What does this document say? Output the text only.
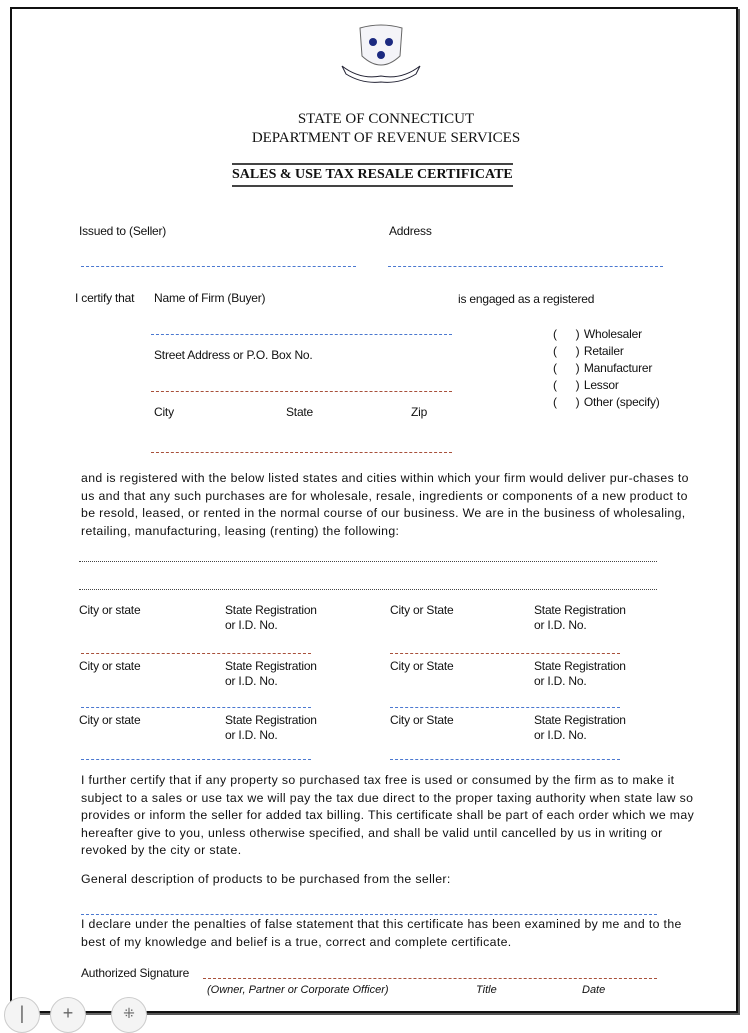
STATE OF CONNECTICUT
DEPARTMENT OF REVENUE SERVICES
SALES & USE TAX RESALE CERTIFICATE
Issued to (Seller)	Address
I certify that Name of Firm (Buyer)	is engaged as a registered
Street Address or P.O. Box No.
City	State	Zip
(      ) Wholesaler
(      ) Retailer
(      ) Manufacturer
(      ) Lessor
(      ) Other (specify)
and is registered with the below listed states and cities within which your firm would deliver pur-chases to us and that any such purchases are for wholesale, resale, ingredients or components of a new product to be resold, leased, or rented in the normal course of our business. We are in the business of wholesaling, retailing, manufacturing, leasing (renting) the following:
City or state	State Registration
or I.D. No.
City or State	State Registration
or I.D. No.
City or state	State Registration
or I.D. No.
City or State	State Registration
or I.D. No.
City or state	State Registration
or I.D. No.
City or State	State Registration
or I.D. No.
I further certify that if any property so purchased tax free is used or consumed by the firm as to make it subject to a sales or use tax we will pay the tax due direct to the proper taxing authority when state law so provides or inform the seller for added tax billing. This certificate shall be part of each order which we may hereafter give to you, unless otherwise specified, and shall be valid until cancelled by us in writing or revoked by the city or state.
General description of products to be purchased from the seller:
I declare under the penalties of false statement that this certificate has been examined by me and to the best of my knowledge and belief is a true, correct and complete certificate.
Authorized Signature
(Owner, Partner or Corporate Officer)	Title	Date
|	+	⁜
